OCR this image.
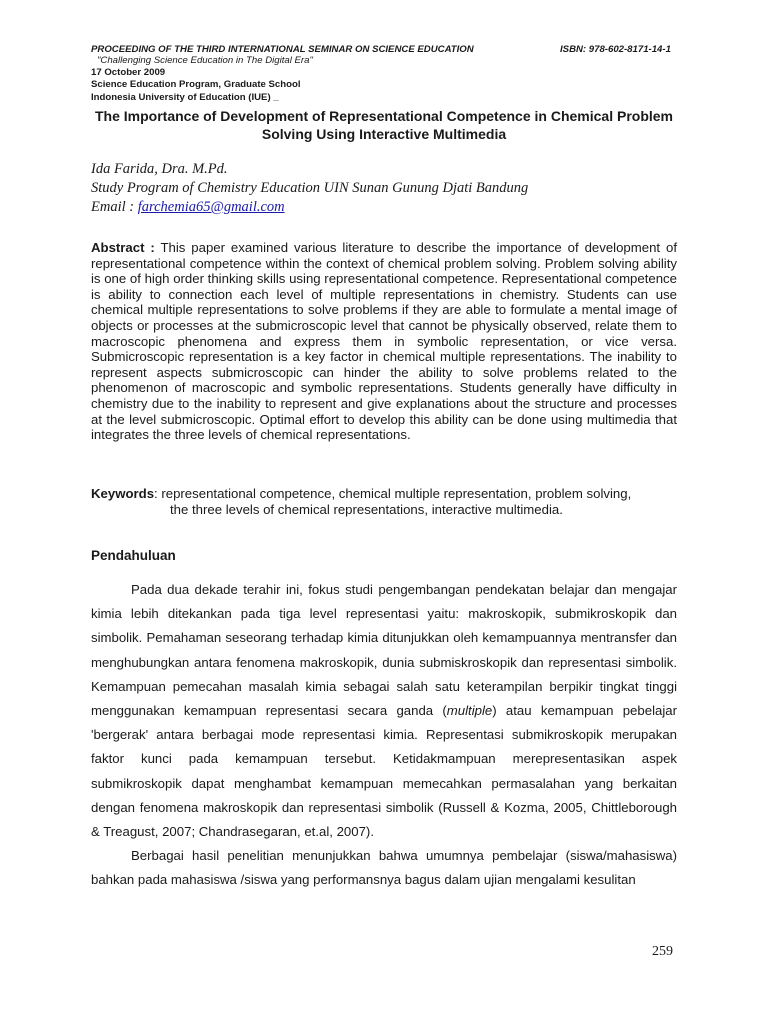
PROCEEDING OF THE THIRD INTERNATIONAL SEMINAR ON SCIENCE EDUCATION	ISBN: 978-602-8171-14-1
"Challenging Science Education in The Digital Era"
17 October 2009
Science Education Program, Graduate School
Indonesia University of Education (IUE) _
The Importance of Development of Representational Competence in Chemical Problem Solving Using Interactive Multimedia
Ida Farida, Dra. M.Pd.
Study Program of Chemistry Education UIN Sunan Gunung Djati Bandung
Email : farchemia65@gmail.com
Abstract : This paper examined various literature to describe the importance of development of representational competence within the context of chemical problem solving. Problem solving ability is one of high order thinking skills using representational competence. Representational competence is ability to connection each level of multiple representations in chemistry. Students can use chemical multiple representations to solve problems if they are able to formulate a mental image of objects or processes at the submicroscopic level that cannot be physically observed, relate them to macroscopic phenomena and express them in symbolic representation, or vice versa. Submicroscopic representation is a key factor in chemical multiple representations. The inability to represent aspects submicroscopic can hinder the ability to solve problems related to the phenomenon of macroscopic and symbolic representations. Students generally have difficulty in chemistry due to the inability to represent and give explanations about the structure and processes at the level submicroscopic. Optimal effort to develop this ability can be done using multimedia that integrates the three levels of chemical representations.
Keywords: representational competence, chemical multiple representation, problem solving,
the three levels of chemical representations, interactive multimedia.
Pendahuluan

Pada dua dekade terahir ini, fokus studi pengembangan pendekatan belajar dan mengajar kimia lebih ditekankan pada tiga level representasi yaitu: makroskopik, submikroskopik dan simbolik. Pemahaman seseorang terhadap kimia ditunjukkan oleh kemampuannya mentransfer dan menghubungkan antara fenomena makroskopik, dunia submiskroskopik dan representasi simbolik. Kemampuan pemecahan masalah kimia sebagai salah satu keterampilan berpikir tingkat tinggi menggunakan kemampuan representasi secara ganda (multiple) atau kemampuan pebelajar 'bergerak' antara berbagai mode representasi kimia. Representasi submikroskopik merupakan faktor kunci pada kemampuan tersebut. Ketidakmampuan merepresentasikan aspek submikroskopik dapat menghambat kemampuan memecahkan permasalahan yang berkaitan dengan fenomena makroskopik dan representasi simbolik (Russell & Kozma, 2005, Chittleborough & Treagust, 2007; Chandrasegaran, et.al, 2007).

Berbagai hasil penelitian menunjukkan bahwa umumnya pembelajar (siswa/mahasiswa) bahkan pada mahasiswa /siswa yang performansnya bagus dalam ujian mengalami kesulitan

259
